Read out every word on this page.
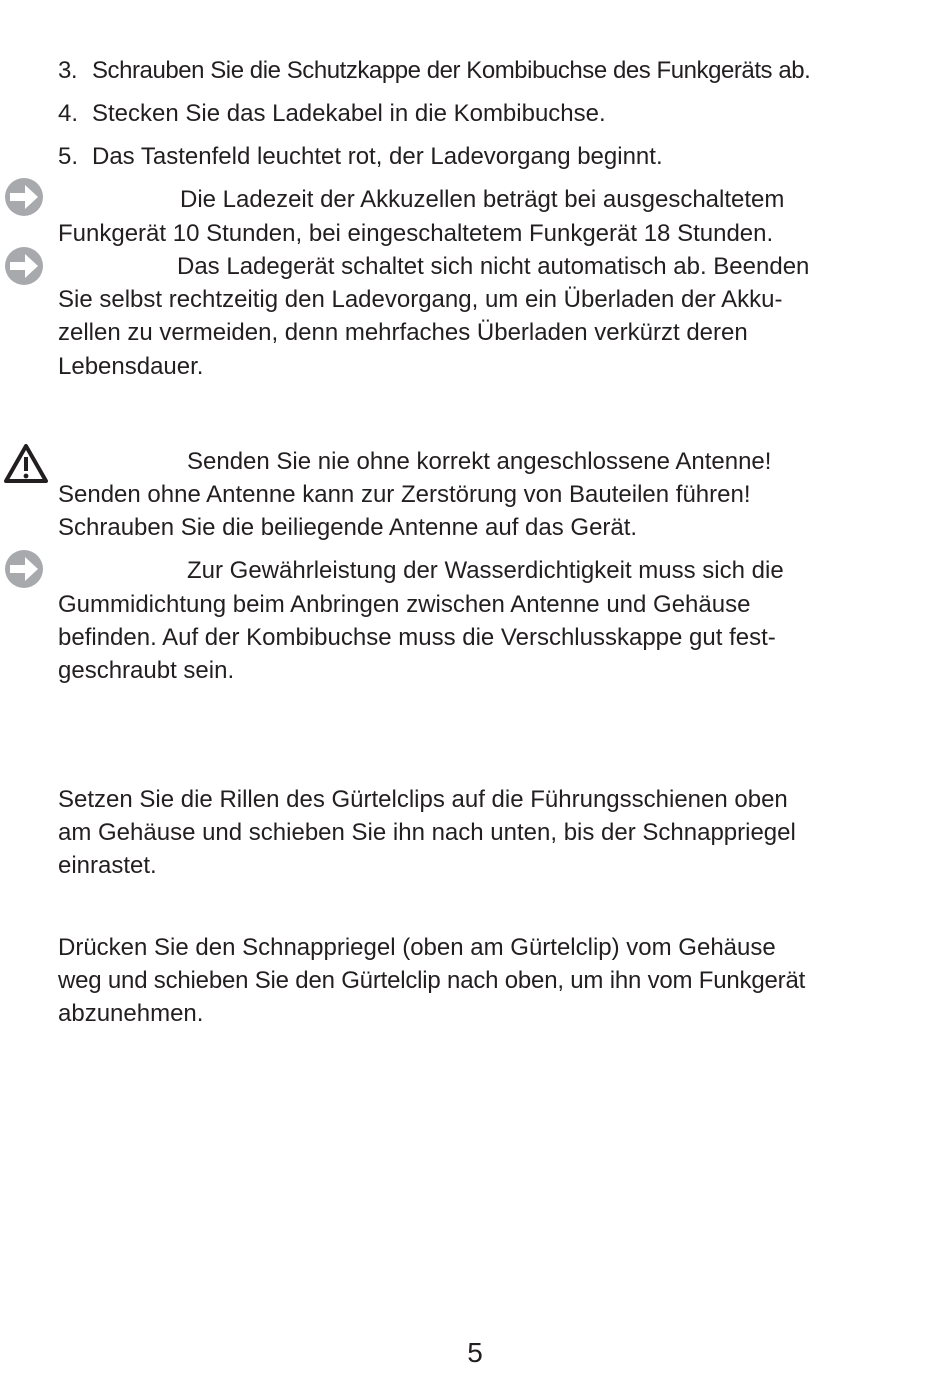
3. Schrauben Sie die Schutzkappe der Kombibuchse des Funkgeräts ab.
4. Stecken Sie das Ladekabel in die Kombibuchse.
5. Das Tastenfeld leuchtet rot, der Ladevorgang beginnt.
Die Ladezeit der Akkuzellen beträgt bei ausgeschaltetem
Funkgerät 10 Stunden, bei eingeschaltetem Funkgerät 18 Stunden.
Das Ladegerät schaltet sich nicht automatisch ab. Beenden
Sie selbst rechtzeitig den Ladevorgang, um ein Überladen der Akku-
zellen zu vermeiden, denn mehrfaches Überladen verkürzt deren
Lebensdauer.
Senden Sie nie ohne korrekt angeschlossene Antenne!
Senden ohne Antenne kann zur Zerstörung von Bauteilen führen!
Schrauben Sie die beiliegende Antenne auf das Gerät.
Zur Gewährleistung der Wasserdichtigkeit muss sich die
Gummidichtung beim Anbringen zwischen Antenne und Gehäuse
befinden. Auf der Kombibuchse muss die Verschlusskappe gut fest-
geschraubt sein.
Setzen Sie die Rillen des Gürtelclips auf die Führungsschienen oben
am Gehäuse und schieben Sie ihn nach unten, bis der Schnappriegel
einrastet.
Drücken Sie den Schnappriegel (oben am Gürtelclip) vom Gehäuse
weg und schieben Sie den Gürtelclip nach oben, um ihn vom Funkgerät
abzunehmen.
5
